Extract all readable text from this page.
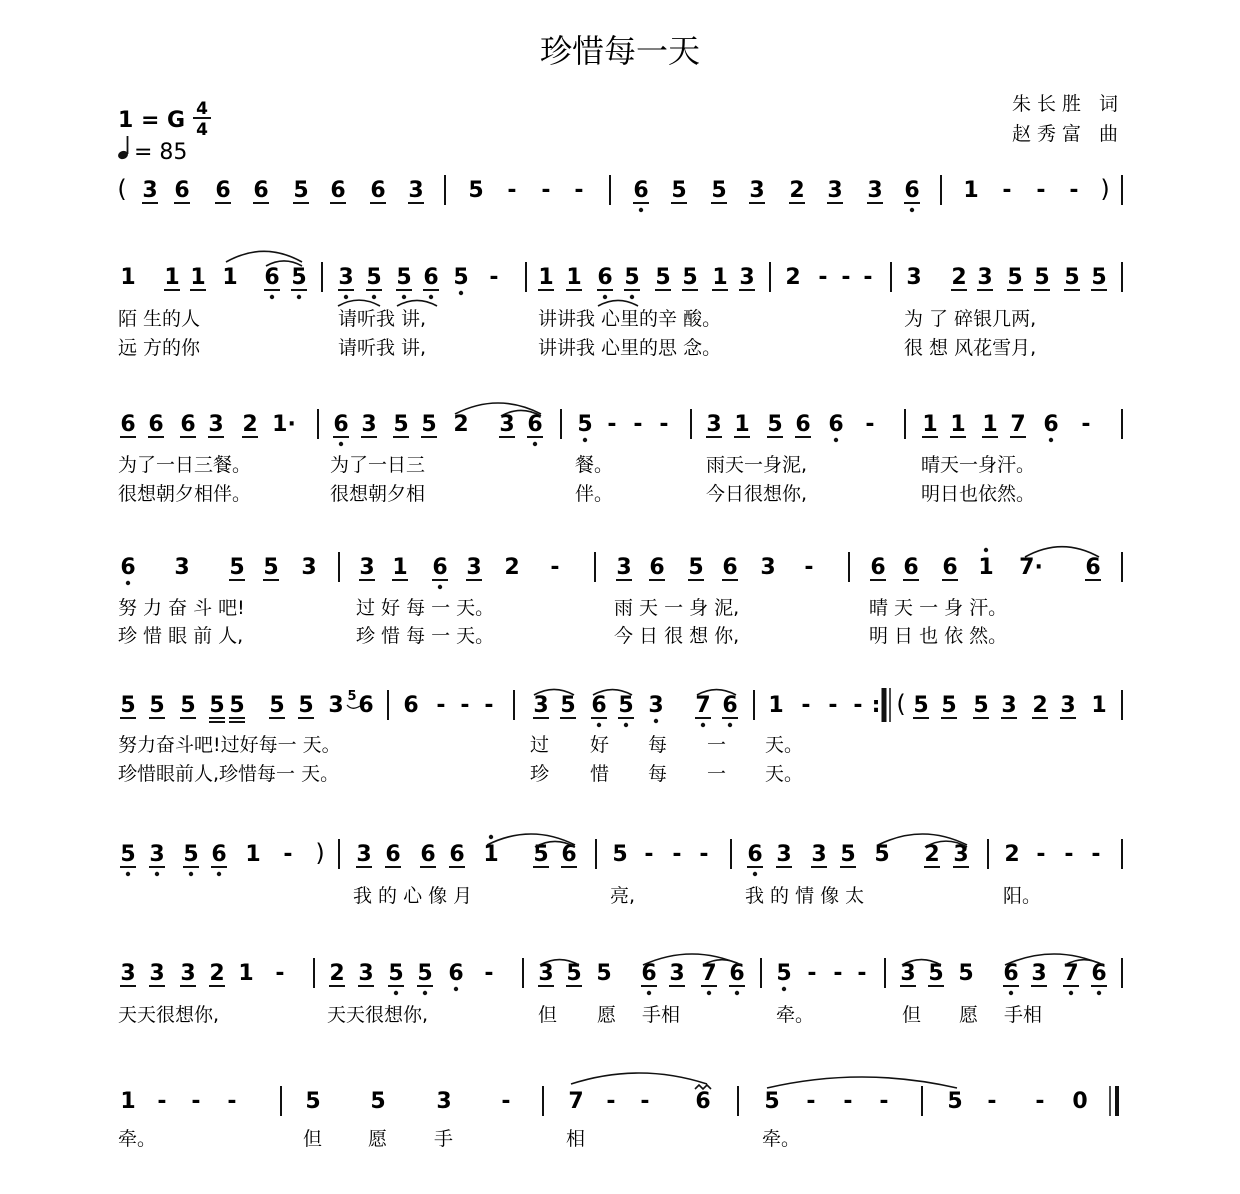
珍惜每一天
朱长胜 词
赵秀富 曲
1 = G 4
4
= 85
( 3 6 6 6 5 6 6 3 5 - - - 6 5 5 3 2 3 3 6 1 - - - )
1 1 1 1 6 5 3 5 5 6 5 - 1 1 6 5 5 5 1 3 2 - - - 3 2 3 5 5 5 5
陌 生的人	请听我 讲,	讲讲我 心里的辛 酸。	为 了 碎银几两,
远 方的你	请听我 讲,	讲讲我 心里的思 念。	很 想 风花雪月,
6 6 6 3 2 1· 6 3 5 5 2 3 6 5 - - - 3 1 5 6 6 - 1 1 1 7 6 -
为了一日三餐。	为了一日三	餐。	雨天一身泥,	晴天一身汗。
很想朝夕相伴。	很想朝夕相	伴。	今日很想你,	明日也依然。
6 3 5 5 3 3 1 6 3 2 -	3 6 5 6 3 -	6 6 6 1 7· 6
努 力 奋 斗 吧!	过 好 每 一 天。	雨 天 一 身 泥,	晴 天 一 身 汗。
珍 惜 眼 前 人,	珍 惜 每 一 天。	今 日 很 想 你,	明 日 也 依 然。
5 5 5 5 5 5 5 3 6 6 - - - 3 5 6 5 3 7 6 1 - - - : ( 5 5 5 3 2 3 1
努力奋斗吧!过好每一 天。	过 好 每 一 天。
珍惜眼前人,珍惜每一 天。	珍 惜 每 一 天。
5 3 5 6 1 - ) 3 6 6 6 1 5 6 5 - - - 6 3 3 5 5 2 3 2 - - -
我 的 心 像 月	亮,	我 的 情 像 太	阳。
3 3 3 2 1 - 2 3 5 5 6 - 3 5 5 6 3 7 6 5 - - - 3 5 5 6 3 7 6
天天很想你,	天天很想你,	但 愿 手相	牵。	但 愿 手相
1 - - -	5 5 3 -	7 - - 6 5 - - -	5 - - 0
牵。	但 愿 手	相	牵。
5
